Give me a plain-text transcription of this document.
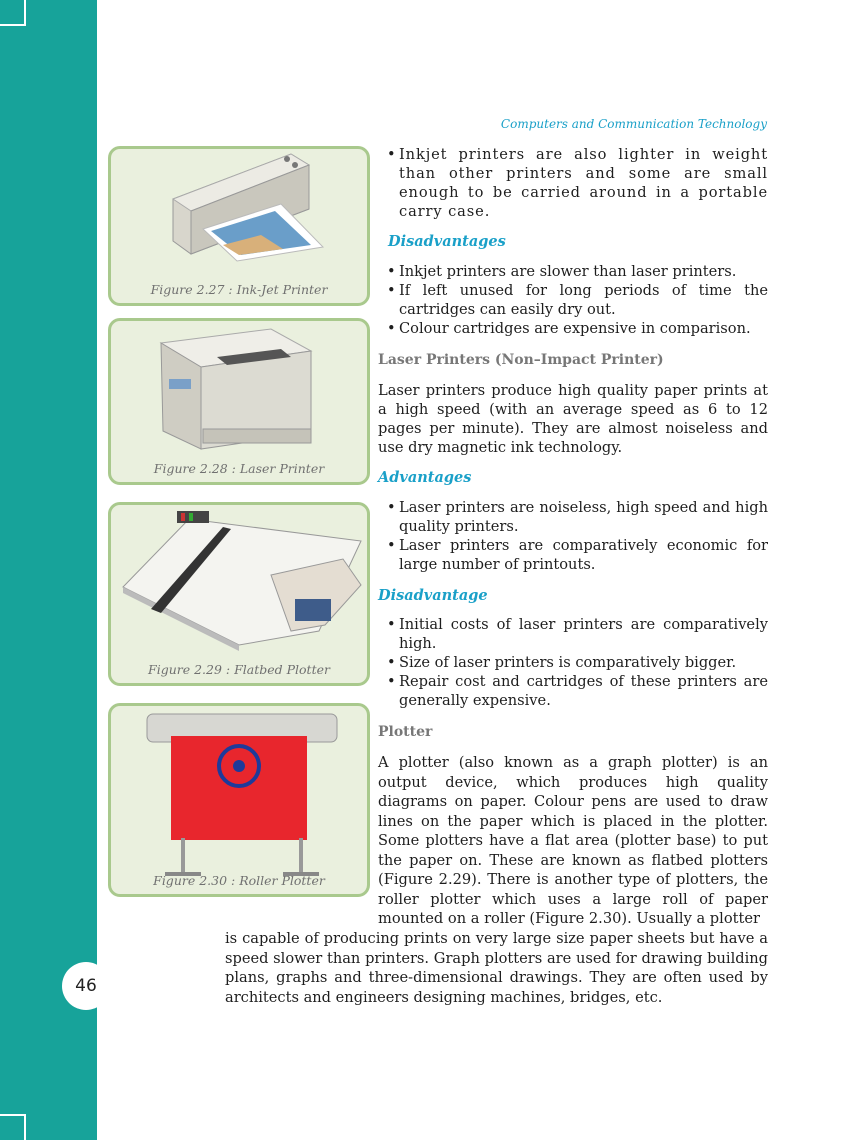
46
Computers and Communication Technology
Figure 2.27 : Ink-Jet Printer
Figure 2.28 : Laser Printer
Figure 2.29 : Flatbed Plotter
Figure 2.30 : Roller Plotter
• Inkjet printers are also lighter in weight than other printers and some are small enough to be carried around in a portable carry case.
Disadvantages
• Inkjet printers are slower than laser printers.
• If left unused for long periods of time the cartridges can easily dry out.
• Colour cartridges are expensive in comparison.
Laser Printers (Non–Impact Printer)

Laser printers produce high quality paper prints at a high speed (with an average speed as 6 to 12 pages per minute). They are almost noiseless and use dry magnetic ink technology.

Advantages
• Laser printers are noiseless, high speed and high quality printers.
• Laser printers are comparatively economic for large number of printouts.
Disadvantage
• Initial costs of laser printers are comparatively high.
• Size of laser printers is comparatively bigger.
• Repair cost and cartridges of these printers are generally expensive.
Plotter

A plotter (also known as a graph plotter) is an output device, which produces high quality diagrams on paper. Colour pens are used to draw lines on the paper which is placed in the plotter. Some plotters have a flat area (plotter base) to put the paper on. These are known as flatbed plotters (Figure 2.29). There is another type of plotters, the roller plotter which uses a large roll of paper mounted on a roller (Figure 2.30). Usually a plotter

is capable of producing prints on very large size paper sheets but have a speed slower than printers. Graph plotters are used for drawing building plans, graphs and three-dimensional drawings. They are often used by architects and engineers designing machines, bridges, etc.
